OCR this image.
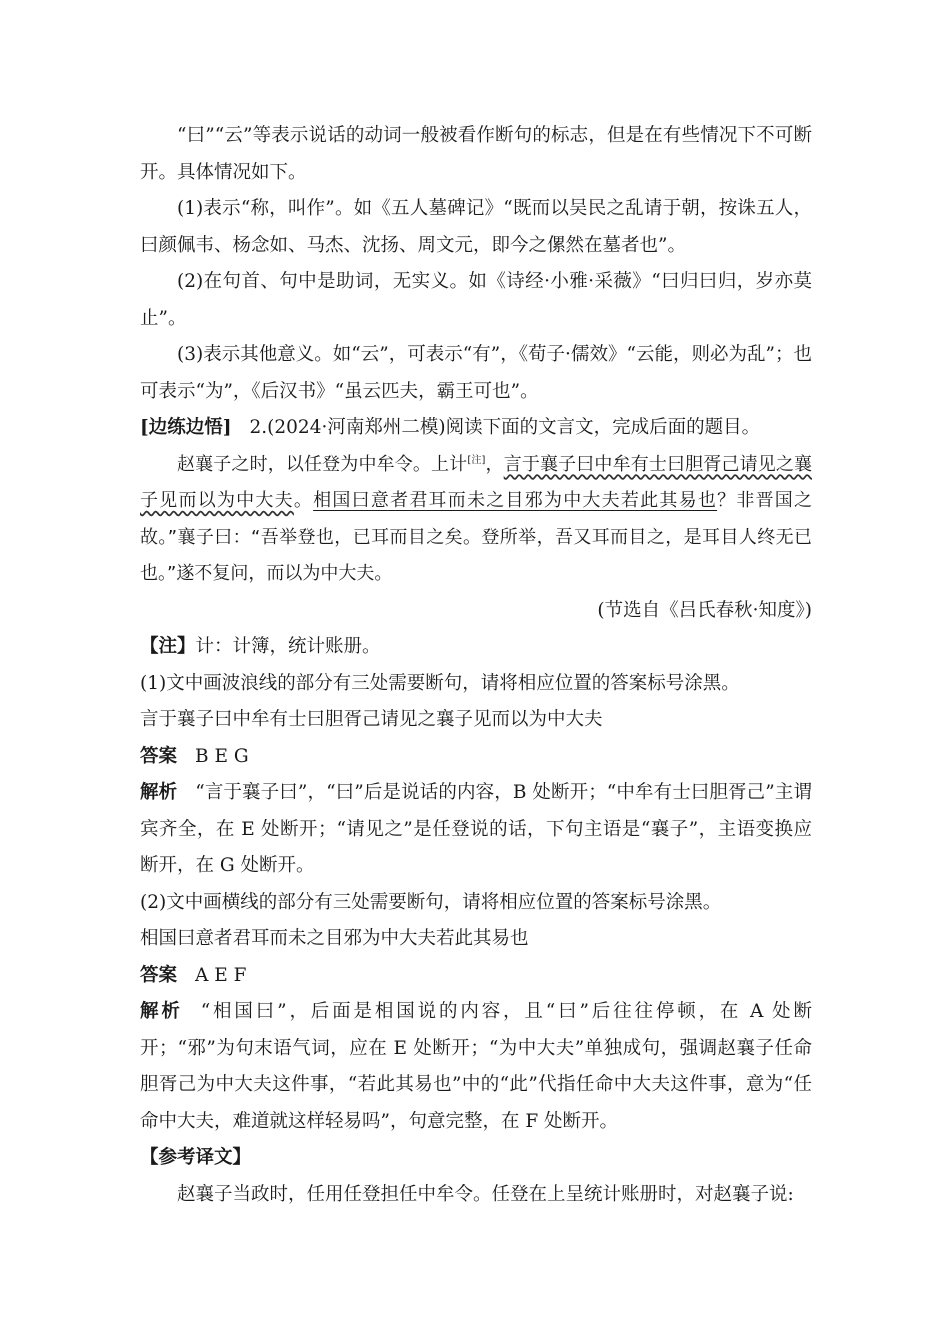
“曰”“云”等表示说话的动词一般被看作断句的标志，但是在有些情况下不可断开。具体情况如下。

(1)表示“称，叫作”。如《五人墓碑记》“既而以吴民之乱请于朝，按诛五人，曰颜佩韦、杨念如、马杰、沈扬、周文元，即今之傫然在墓者也”。

(2)在句首、句中是助词，无实义。如《诗经·小雅·采薇》“曰归曰归，岁亦莫止”。

(3)表示其他意义。如“云”，可表示“有”，《荀子·儒效》“云能，则必为乱”；也可表示“为”，《后汉书》“虽云匹夫，霸王可也”。

[边练边悟] 2.(2024·河南郑州二模)阅读下面的文言文，完成后面的题目。

赵襄子之时，以任登为中牟令。上计[注]，言于襄子曰中牟有士曰胆胥己请见之襄子见而以为中大夫。相国曰意者君耳而未之目邪为中大夫若此其易也？非晋国之故。”襄子曰：“吾举登也，已耳而目之矣。登所举，吾又耳而目之，是耳目人终无已也。”遂不复问，而以为中大夫。

(节选自《吕氏春秋·知度》)

【注】计：计簿，统计账册。

(1)文中画波浪线的部分有三处需要断句，请将相应位置的答案标号涂黑。

言于襄子曰中牟有士曰胆胥己请见之襄子见而以为中大夫

答案 B E G

解析 “言于襄子曰”，“曰”后是说话的内容，B 处断开；“中牟有士曰胆胥己”主谓宾齐全，在 E 处断开；“请见之”是任登说的话，下句主语是“襄子”，主语变换应断开，在 G 处断开。

(2)文中画横线的部分有三处需要断句，请将相应位置的答案标号涂黑。

相国曰意者君耳而未之目邪为中大夫若此其易也

答案 A E F

解析 “相国曰”，后面是相国说的内容，且“曰”后往往停顿，在 A 处断开；“邪”为句末语气词，应在 E 处断开；“为中大夫”单独成句，强调赵襄子任命胆胥己为中大夫这件事，“若此其易也”中的“此”代指任命中大夫这件事，意为“任命中大夫，难道就这样轻易吗”，句意完整，在 F 处断开。

【参考译文】

赵襄子当政时，任用任登担任中牟令。任登在上呈统计账册时，对赵襄子说:
